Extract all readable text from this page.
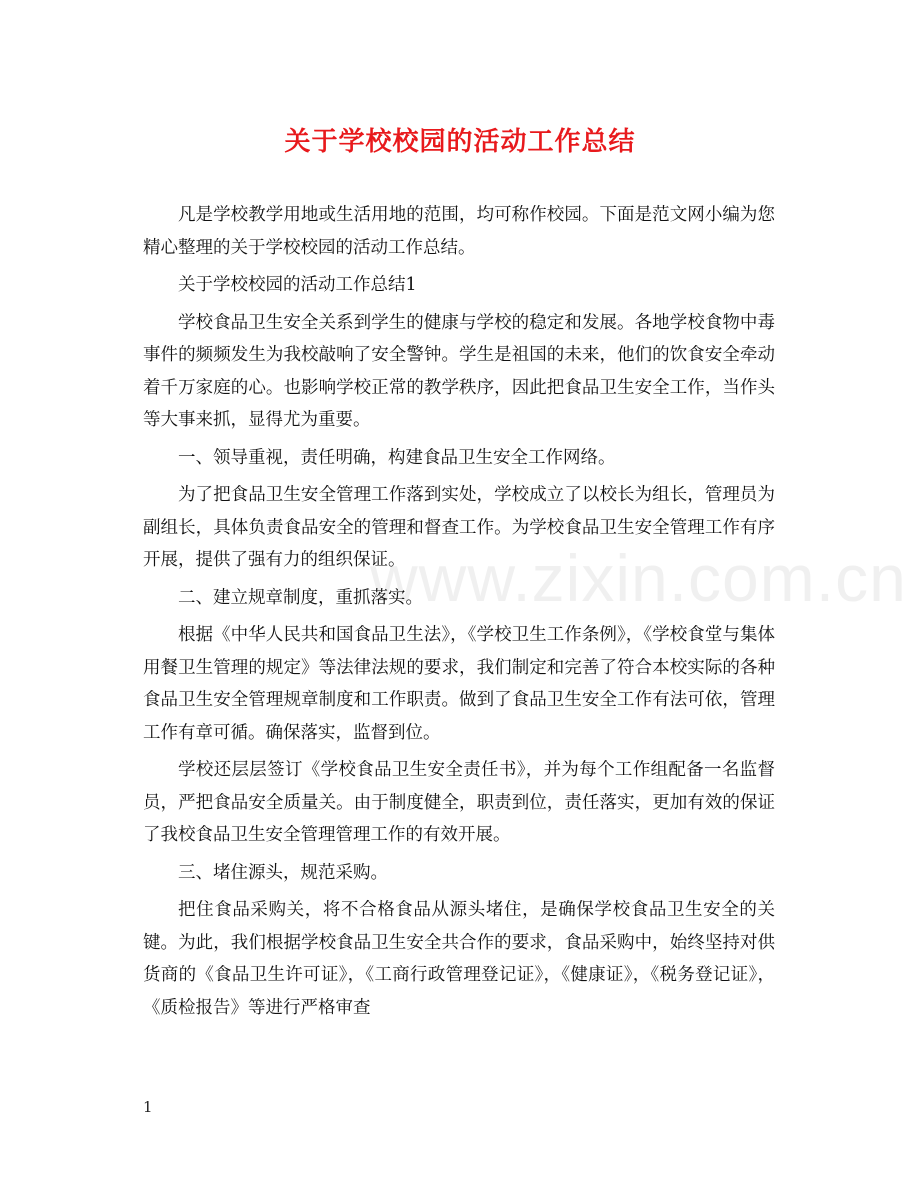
关于学校校园的活动工作总结
www.zixin.com.cn

凡是学校教学用地或生活用地的范围，均可称作校园。下面是范文网小编为您精心整理的关于学校校园的活动工作总结。

关于学校校园的活动工作总结1

学校食品卫生安全关系到学生的健康与学校的稳定和发展。各地学校食物中毒事件的频频发生为我校敲响了安全警钟。学生是祖国的未来，他们的饮食安全牵动着千万家庭的心。也影响学校正常的教学秩序，因此把食品卫生安全工作，当作头等大事来抓，显得尤为重要。

一、领导重视，责任明确，构建食品卫生安全工作网络。

为了把食品卫生安全管理工作落到实处，学校成立了以校长为组长，管理员为副组长，具体负责食品安全的管理和督查工作。为学校食品卫生安全管理工作有序开展，提供了强有力的组织保证。

二、建立规章制度，重抓落实。

根据《中华人民共和国食品卫生法》，《学校卫生工作条例》，《学校食堂与集体用餐卫生管理的规定》等法律法规的要求，我们制定和完善了符合本校实际的各种食品卫生安全管理规章制度和工作职责。做到了食品卫生安全工作有法可依，管理工作有章可循。确保落实，监督到位。

学校还层层签订《学校食品卫生安全责任书》，并为每个工作组配备一名监督员，严把食品安全质量关。由于制度健全，职责到位，责任落实，更加有效的保证了我校食品卫生安全管理管理工作的有效开展。

三、堵住源头，规范采购。

把住食品采购关，将不合格食品从源头堵住，是确保学校食品卫生安全的关键。为此，我们根据学校食品卫生安全共合作的要求，食品采购中，始终坚持对供货商的《食品卫生许可证》，《工商行政管理登记证》，《健康证》，《税务登记证》，《质检报告》等进行严格审查

1
